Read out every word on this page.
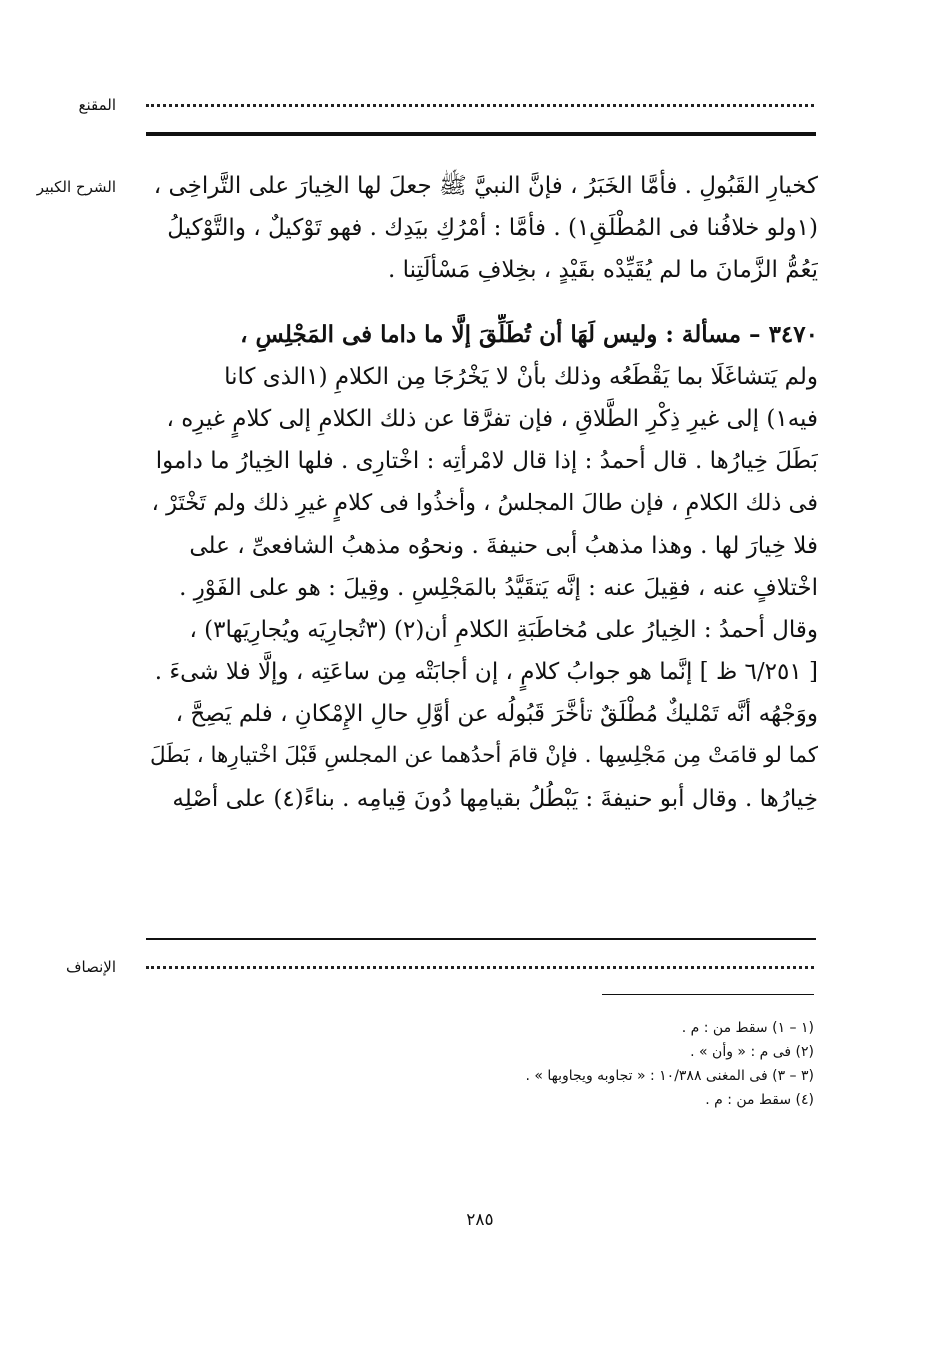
المقنع
الشرح الكبير	كخيارِ القَبُولِ . فأمَّا الخَبَرُ ، فإنَّ النبيَّ ﷺ جعلَ لها الخِيارَ على التَّراخِى ،
(١ولو خلافُنا فى المُطْلَقِ١) . فأمَّا : أمْرُكِ بيَدِك . فهو تَوْكيلٌ ، والتَّوْكيلُ
يَعُمُّ الزَّمانَ ما لم يُقَيِّدْه بقَيْدٍ ، بخِلافِ مَسْألَتِنا .
٣٤٧٠ – مسألة : وليس لَهَا أن تُطَلِّقَ إلَّا ما داما فى المَجْلِسِ ،
ولم يَتشاغَلَا بما يَقْطَعُه وذلك بأنْ لا يَخْرُجَا مِن الكلامِ (١الذى كانا
فيه١) إلى غيرِ ذِكْرِ الطَّلاقِ ، فإن تفرَّقا عن ذلك الكلامِ إلى كلامٍ غيرِه ،
بَطَلَ خِيارُها . قال أحمدُ : إذا قال لامْرأتِه : اخْتارِى . فلها الخِيارُ ما داموا
فى ذلك الكلامِ ، فإن طالَ المجلسُ ، وأخذُوا فى كلامٍ غيرِ ذلك ولم تَخْتَرْ ،
فلا خِيارَ لها . وهذا مذهبُ أبى حنيفةَ . ونحوُه مذهبُ الشافعىِّ ، على
اخْتلافٍ عنه ، فقِيلَ عنه : إنَّه يَتقَيَّدُ بالمَجْلِسِ . وقِيلَ : هو على الفَوْرِ .
وقال أحمدُ : الخِيارُ على مُخاطَبَةِ الكلامِ أن(٢) (٣تُجارِيَه ويُجارِيَها٣) ،
[ ٦/٢٥١ ظ ] إنَّما هو جوابُ كلامٍ ، إن أجابَتْه مِن ساعَتِه ، وإلَّا فلا شىءَ .
ووَجْهُه أنَّه تَمْليكٌ مُطْلَقٌ تأخَّرَ قَبُولُه عن أوَّلِ حالِ الإِمْكانِ ، فلم يَصِحَّ ،
كما لو قامَتْ مِن مَجْلِسِها . فإنْ قامَ أحدُهما عن المجلسِ قَبْلَ اخْتيارِها ، بَطَلَ
خِيارُها . وقال أبو حنيفةَ : يَبْطُلُ بقيامِها دُونَ قِيامِه . بناءً(٤) على أصْلِه
الإنصاف
(١ – ١) سقط من : م .
(٢) فى م : « وأن » .
(٣ – ٣) فى المغنى ١٠/٣٨٨ : « تجاوبه ويجاوبها » .
(٤) سقط من : م .
٢٨٥
